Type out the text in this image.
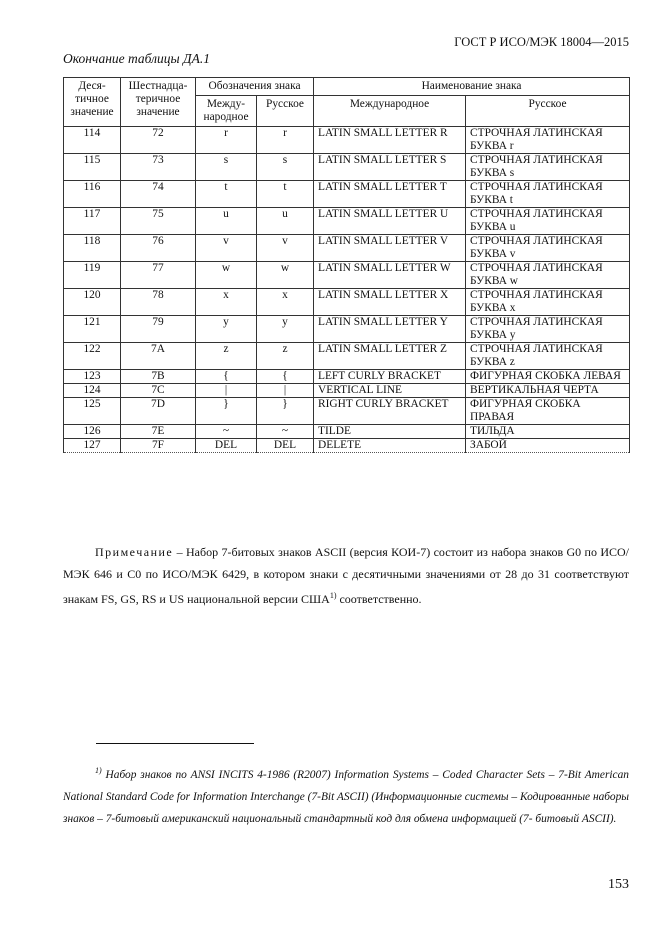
ГОСТ Р ИСО/МЭК 18004—2015
Окончание таблицы ДА.1
Деся-тичное значение	Шестнадца-теричное значение	Обозначения знака		Наименование знака	
		Между-народное	Русское	Международное	Русское
114	72	r	r	LATIN SMALL LETTER R	СТРОЧНАЯ ЛАТИНСКАЯ БУКВА r
115	73	s	s	LATIN SMALL LETTER S	СТРОЧНАЯ ЛАТИНСКАЯ БУКВА s
116	74	t	t	LATIN SMALL LETTER T	СТРОЧНАЯ ЛАТИНСКАЯ БУКВА t
117	75	u	u	LATIN SMALL LETTER U	СТРОЧНАЯ ЛАТИНСКАЯ БУКВА u
118	76	v	v	LATIN SMALL LETTER V	СТРОЧНАЯ ЛАТИНСКАЯ БУКВА v
119	77	w	w	LATIN SMALL LETTER W	СТРОЧНАЯ ЛАТИНСКАЯ БУКВА w
120	78	x	x	LATIN SMALL LETTER X	СТРОЧНАЯ ЛАТИНСКАЯ БУКВА x
121	79	y	y	LATIN SMALL LETTER Y	СТРОЧНАЯ ЛАТИНСКАЯ БУКВА y
122	7A	z	z	LATIN SMALL LETTER Z	СТРОЧНАЯ ЛАТИНСКАЯ БУКВА z
123	7B	{	{	LEFT CURLY BRACKET	ФИГУРНАЯ СКОБКА ЛЕВАЯ
124	7C	|	|	VERTICAL LINE	ВЕРТИКАЛЬНАЯ ЧЕРТА
125	7D	}	}	RIGHT CURLY BRACKET	ФИГУРНАЯ СКОБКА ПРАВАЯ
126	7E	~	~	TILDE	ТИЛЬДА
127	7F	DEL	DEL	DELETE	ЗАБОЙ
Примечание – Набор 7-битовых знаков ASCII (версия КОИ-7) состоит из набора знаков G0 по ИСО/МЭК 646 и C0 по ИСО/МЭК 6429, в котором знаки с десятичными значениями от 28 до 31 соответствуют знакам FS, GS, RS и US национальной версии США$^{1)}$ соответственно.
$^{1)}$ Набор знаков по ANSI INCITS 4-1986 (R2007) Information Systems – Coded Character Sets – 7-Bit American National Standard Code for Information Interchange (7-Bit ASCII) (Информационные системы – Кодированные наборы знаков – 7-битовый американский национальный стандартный код для обмена информацией (7- битовый ASCII).
153
